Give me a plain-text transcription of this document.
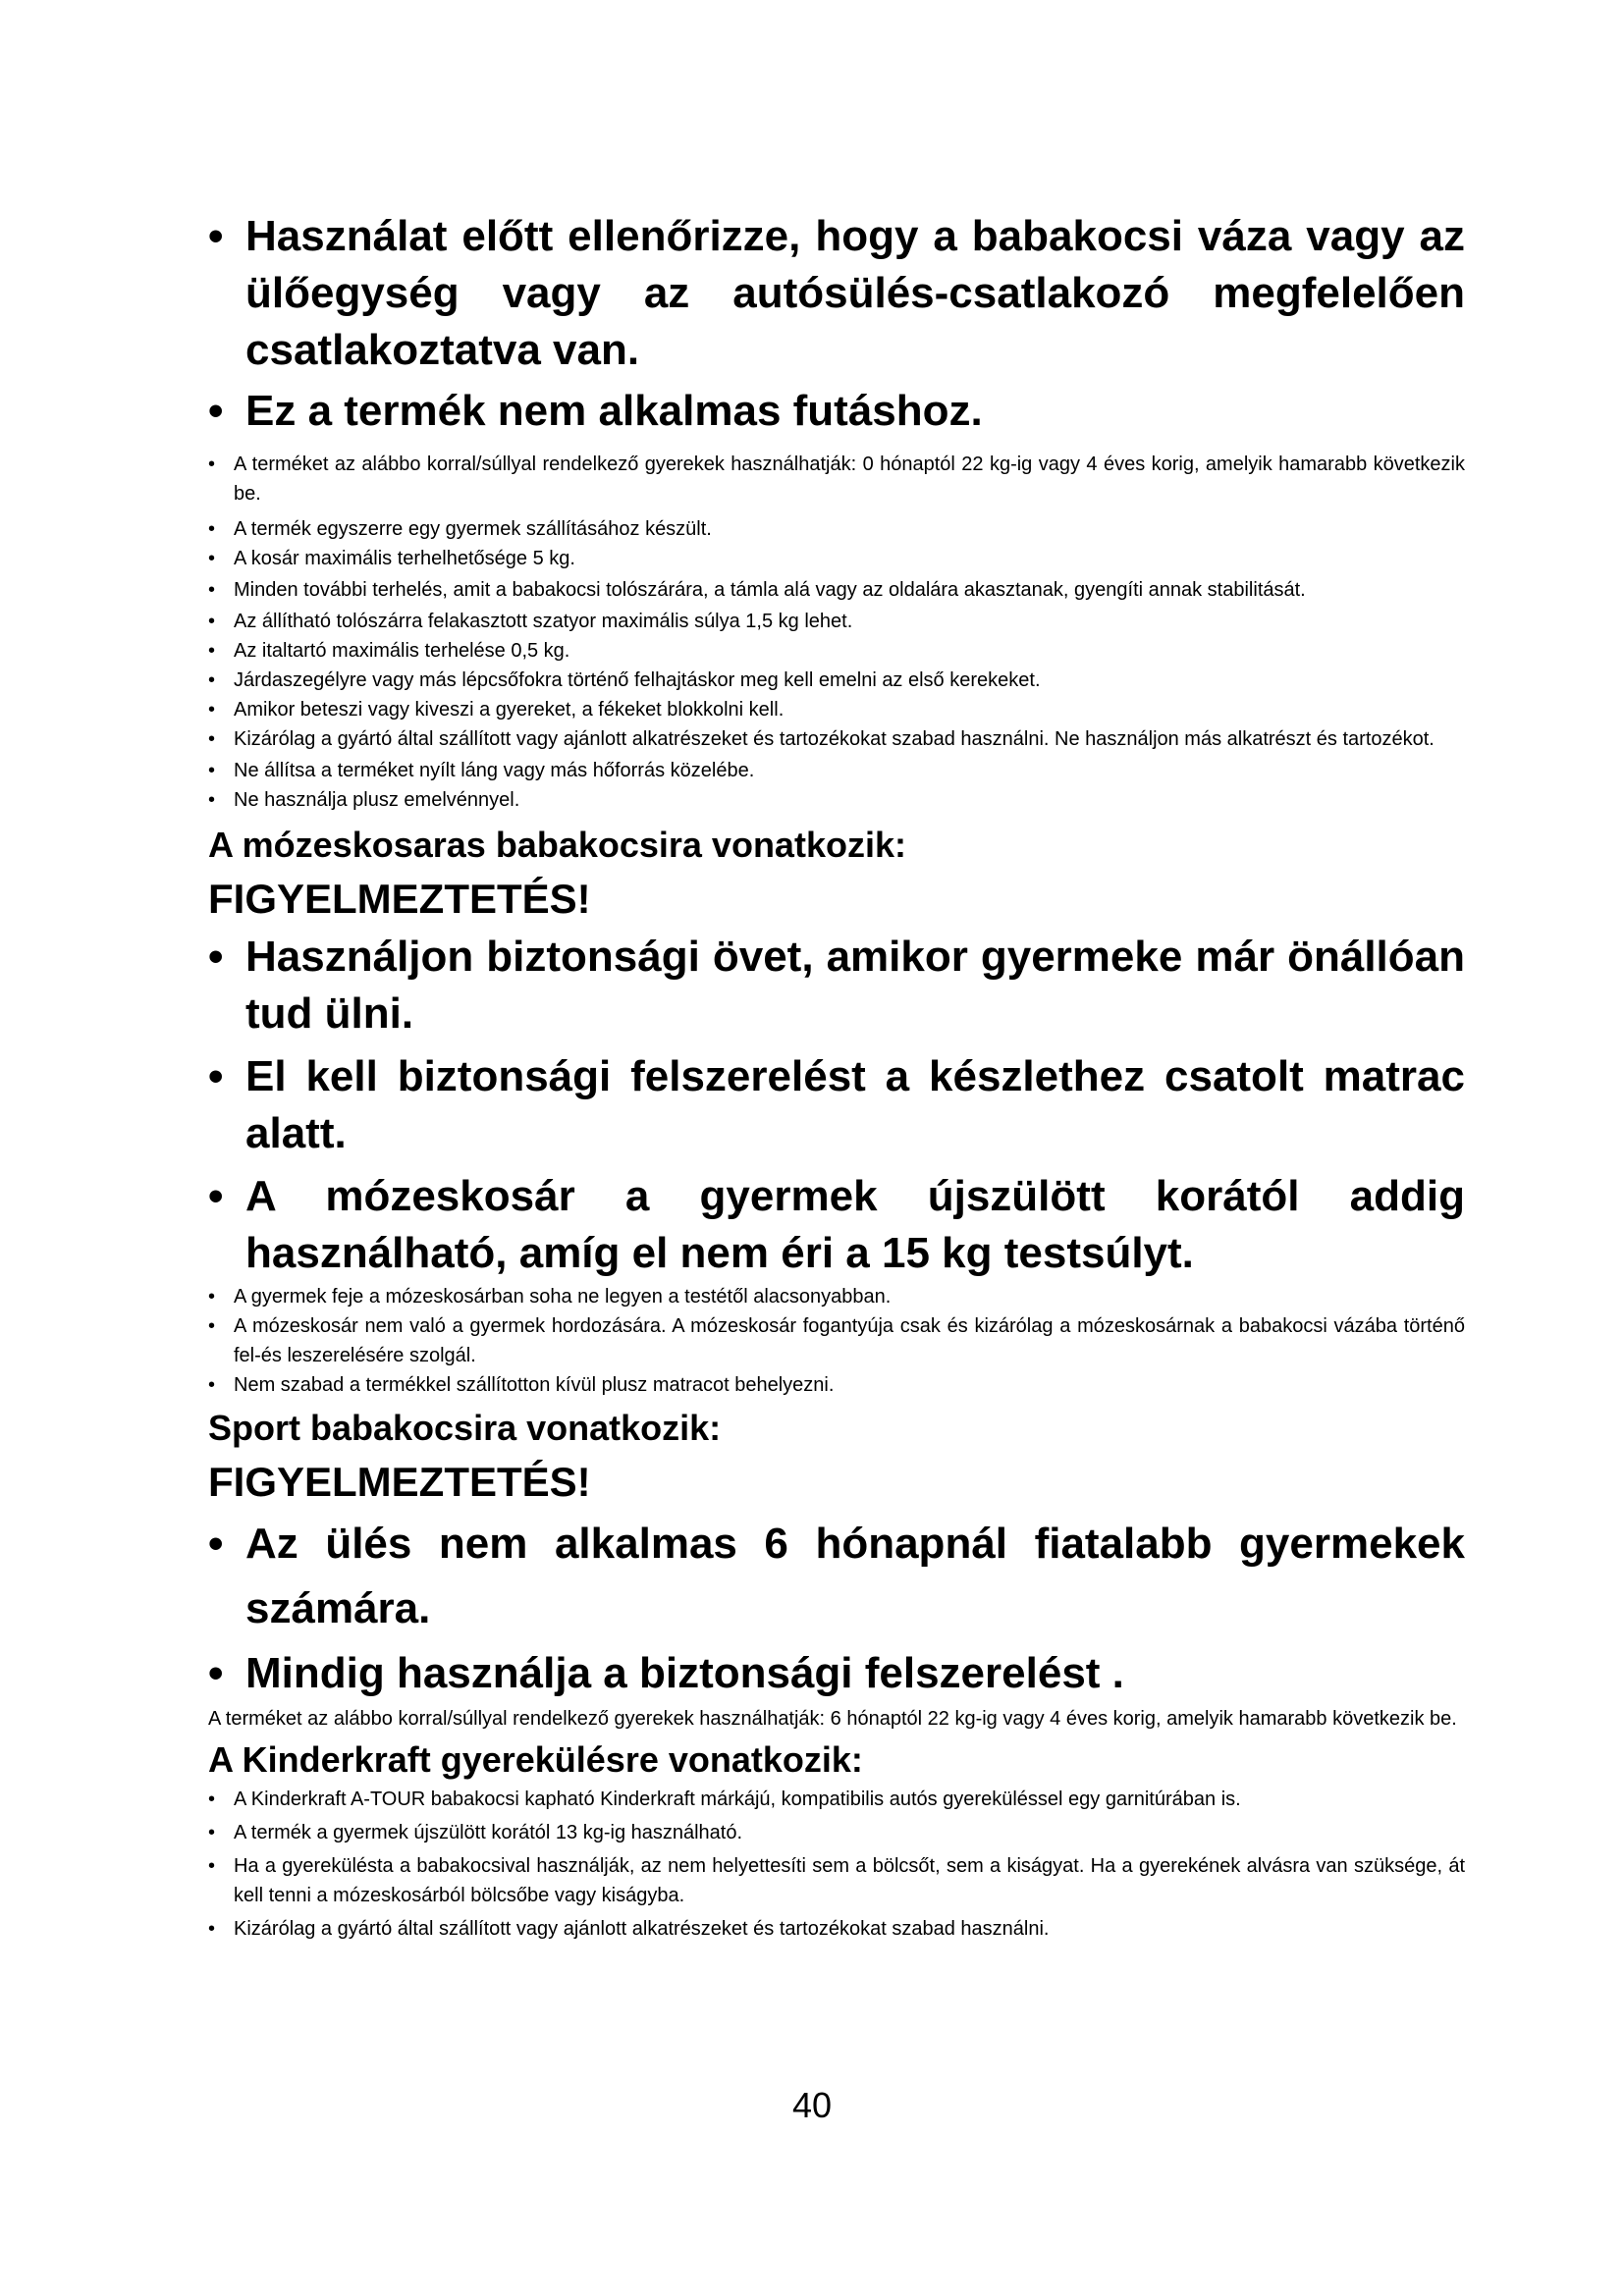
• Használat előtt ellenőrizze, hogy a babakocsi váza vagy az ülőegység vagy az autósülés-csatlakozó megfelelően csatlakoztatva van.
• Ez a termék nem alkalmas futáshoz.
• A terméket az alábbo korral/súllyal rendelkező gyerekek használhatják: 0 hónaptól 22 kg-ig vagy 4 éves korig, amelyik hamarabb következik be.
• A termék egyszerre egy gyermek szállításához készült.
• A kosár maximális terhelhetősége 5 kg.
• Minden további terhelés, amit a babakocsi tolószárára, a támla alá vagy az oldalára akasztanak, gyengíti annak stabilitását.
• Az állítható tolószárra felakasztott szatyor maximális súlya 1,5 kg lehet.
• Az italtartó maximális terhelése 0,5 kg.
• Járdaszegélyre vagy más lépcsőfokra történő felhajtáskor meg kell emelni az első kerekeket.
• Amikor beteszi vagy kiveszi a gyereket, a fékeket blokkolni kell.
• Kizárólag a gyártó által szállított vagy ajánlott alkatrészeket és tartozékokat szabad használni. Ne használjon más alkatrészt és tartozékot.
• Ne állítsa a terméket nyílt láng vagy más hőforrás közelébe.
• Ne használja plusz emelvénnyel.
A mózeskosaras babakocsira vonatkozik:
FIGYELMEZTETÉS!
• Használjon biztonsági övet, amikor gyermeke már önállóan tud ülni.
• El kell biztonsági felszerelést a készlethez csatolt matrac alatt.
• A mózeskosár a gyermek újszülött korától addig használható, amíg el nem éri a 15 kg testsúlyt.
• A gyermek feje a mózeskosárban soha ne legyen a testétől alacsonyabban.
• A mózeskosár nem való a gyermek hordozására. A mózeskosár fogantyúja csak és kizárólag a mózeskosárnak a babakocsi vázába történő fel-és leszerelésére szolgál.
• Nem szabad a termékkel szállítotton kívül plusz matracot behelyezni.
Sport babakocsira vonatkozik:
FIGYELMEZTETÉS!
• Az ülés nem alkalmas 6 hónapnál fiatalabb gyermekek számára.
• Mindig használja a biztonsági felszerelést .

A terméket az alábbo korral/súllyal rendelkező gyerekek használhatják: 6 hónaptól 22 kg-ig vagy 4 éves korig, amelyik hamarabb következik be.

A Kinderkraft gyerekülésre vonatkozik:
• A Kinderkraft A-TOUR babakocsi kapható Kinderkraft márkájú, kompatibilis autós gyereküléssel egy garnitúrában is.
• A termék a gyermek újszülött korától 13 kg-ig használható.
• Ha a gyereküléstа a babakocsival használják, az nem helyettesíti sem a bölcsőt, sem a kiságyat. Ha a gyerekének alvásra van szüksége, át kell tenni a mózeskosárból bölcsőbe vagy kiságyba.
• Kizárólag a gyártó által szállított vagy ajánlott alkatrészeket és tartozékokat szabad használni.
40
